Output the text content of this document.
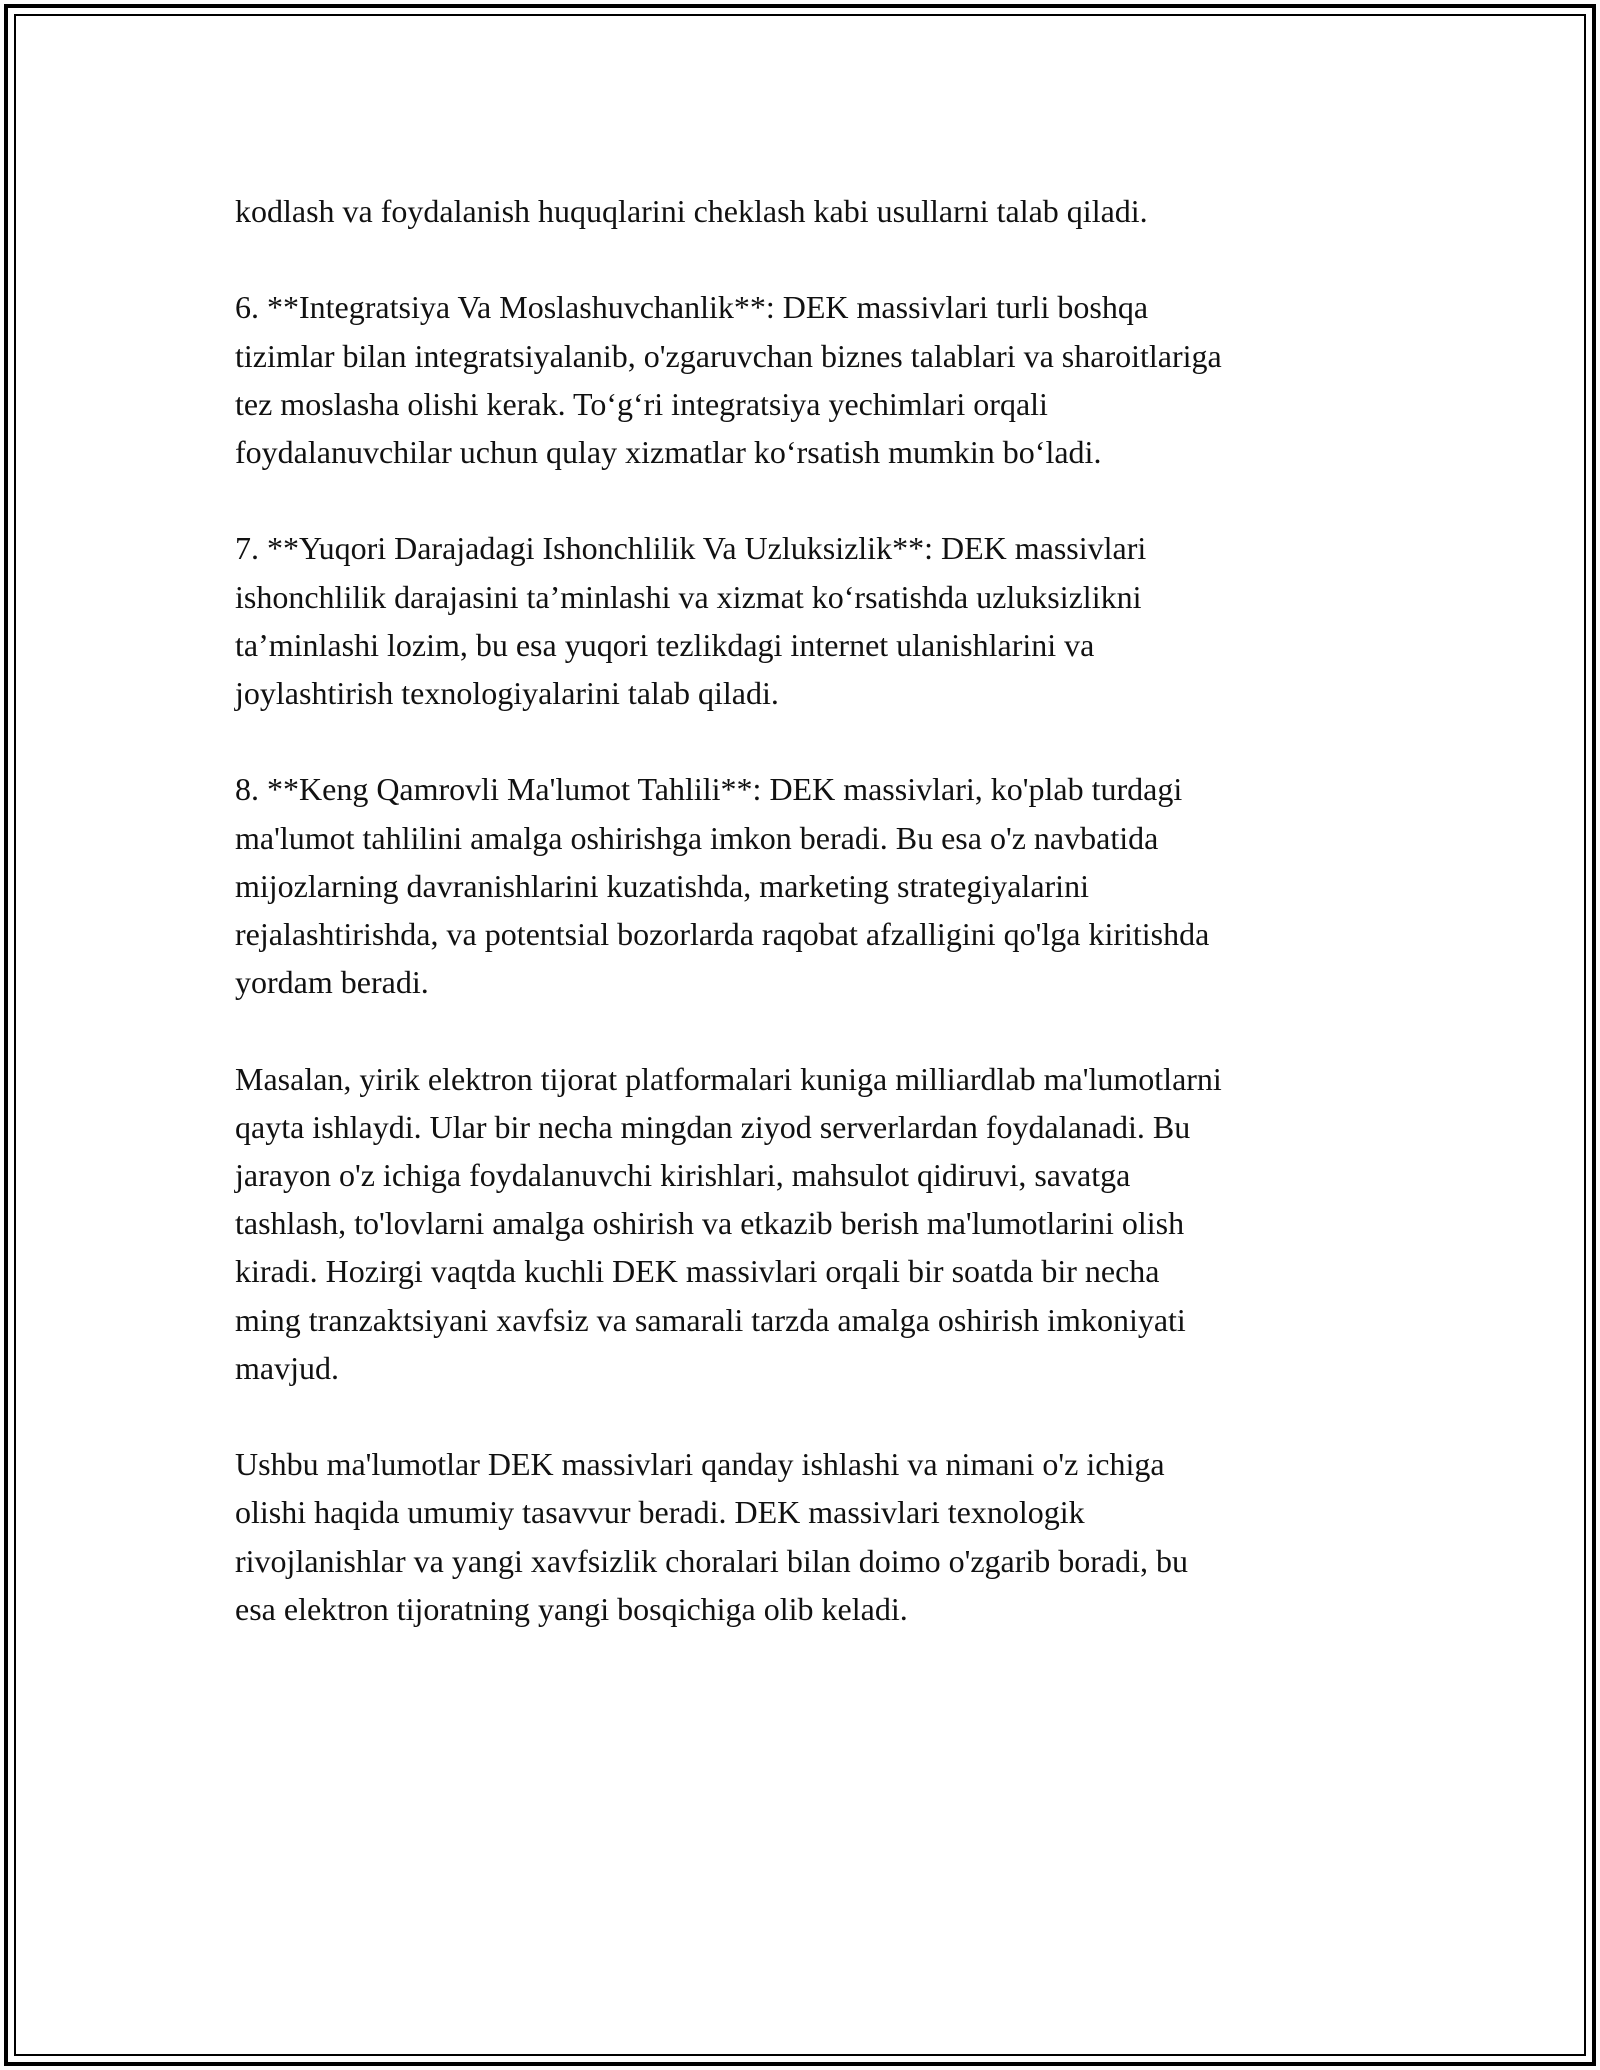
kodlash va foydalanish huquqlarini cheklash kabi usullarni talab qiladi.

6. **Integratsiya Va Moslashuvchanlik**: DEK massivlari turli boshqa
tizimlar bilan integratsiyalanib, o'zgaruvchan biznes talablari va sharoitlariga
tez moslasha olishi kerak. To‘g‘ri integratsiya yechimlari orqali
foydalanuvchilar uchun qulay xizmatlar ko‘rsatish mumkin bo‘ladi.

7. **Yuqori Darajadagi Ishonchlilik Va Uzluksizlik**: DEK massivlari
ishonchlilik darajasini ta’minlashi va xizmat ko‘rsatishda uzluksizlikni
ta’minlashi lozim, bu esa yuqori tezlikdagi internet ulanishlarini va
joylashtirish texnologiyalarini talab qiladi.

8. **Keng Qamrovli Ma'lumot Tahlili**: DEK massivlari, ko'plab turdagi
ma'lumot tahlilini amalga oshirishga imkon beradi. Bu esa o'z navbatida
mijozlarning davranishlarini kuzatishda, marketing strategiyalarini
rejalashtirishda, va potentsial bozorlarda raqobat afzalligini qo'lga kiritishda
yordam beradi.

Masalan, yirik elektron tijorat platformalari kuniga milliardlab ma'lumotlarni
qayta ishlaydi. Ular bir necha mingdan ziyod serverlardan foydalanadi. Bu
jarayon o'z ichiga foydalanuvchi kirishlari, mahsulot qidiruvi, savatga
tashlash, to'lovlarni amalga oshirish va etkazib berish ma'lumotlarini olish
kiradi. Hozirgi vaqtda kuchli DEK massivlari orqali bir soatda bir necha
ming tranzaktsiyani xavfsiz va samarali tarzda amalga oshirish imkoniyati
mavjud.

Ushbu ma'lumotlar DEK massivlari qanday ishlashi va nimani o'z ichiga
olishi haqida umumiy tasavvur beradi. DEK massivlari texnologik
rivojlanishlar va yangi xavfsizlik choralari bilan doimo o'zgarib boradi, bu
esa elektron tijoratning yangi bosqichiga olib keladi.
